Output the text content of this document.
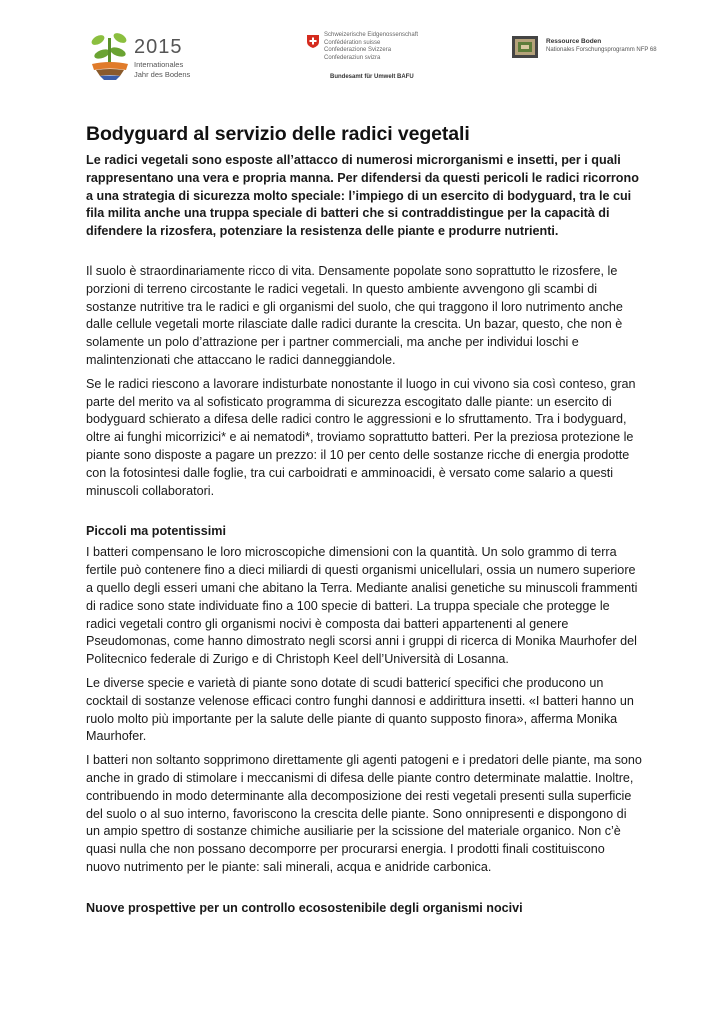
2015
Internationales
Jahr des Bodens
Schweizerische Eidgenossenschaft
Confédération suisse
Confederazione Svizzera
Confederaziun svizra
Bundesamt für Umwelt BAFU
Ressource Boden
Nationales Forschungsprogramm NFP 68
Bodyguard al servizio delle radici vegetali

Le radici vegetali sono esposte all’attacco di numerosi microrganismi e insetti, per i quali rappresentano una vera e propria manna. Per difendersi da questi pericoli le radici ricorrono a una strategia di sicurezza molto speciale: l’impiego di un esercito di bodyguard, tra le cui fila milita anche una truppa speciale di batteri che si contraddistingue per la capacità di difendere la rizosfera, potenziare la resistenza delle piante e produrre nutrienti.

Il suolo è straordinariamente ricco di vita. Densamente popolate sono soprattutto le rizosfere, le porzioni di terreno circostante le radici vegetali. In questo ambiente avvengono gli scambi di sostanze nutritive tra le radici e gli organismi del suolo, che qui traggono il loro nutrimento anche dalle cellule vegetali morte rilasciate dalle radici durante la crescita. Un bazar, questo, che non è solamente un polo d’attrazione per i partner commerciali, ma anche per individui loschi e malintenzionati che attaccano le radici danneggiandole.

Se le radici riescono a lavorare indisturbate nonostante il luogo in cui vivono sia così conteso, gran parte del merito va al sofisticato programma di sicurezza escogitato dalle piante: un esercito di bodyguard schierato a difesa delle radici contro le aggressioni e lo sfruttamento. Tra i bodyguard, oltre ai funghi micorrizici* e ai nematodi*, troviamo soprattutto batteri. Per la preziosa protezione le piante sono disposte a pagare un prezzo: il 10 per cento delle sostanze ricche di energia prodotte con la fotosintesi dalle foglie, tra cui carboidrati e amminoacidi, è versato come salario a questi minuscoli collaboratori.

Piccoli ma potentissimi

I batteri compensano le loro microscopiche dimensioni con la quantità. Un solo grammo di terra fertile può contenere fino a dieci miliardi di questi organismi unicellulari, ossia un numero superiore a quello degli esseri umani che abitano la Terra. Mediante analisi genetiche su minuscoli frammenti di radice sono state individuate fino a 100 specie di batteri. La truppa speciale che protegge le radici vegetali contro gli organismi nocivi è composta dai batteri appartenenti al genere Pseudomonas, come hanno dimostrato negli scorsi anni i gruppi di ricerca di Monika Maurhofer del Politecnico federale di Zurigo e di Christoph Keel dell’Università di Losanna.

Le diverse specie e varietà di piante sono dotate di scudi battericí specifici che producono un cocktail di sostanze velenose efficaci contro funghi dannosi e addirittura insetti. «I batteri hanno un ruolo molto più importante per la salute delle piante di quanto supposto finora», afferma Monika Maurhofer.

I batteri non soltanto sopprimono direttamente gli agenti patogeni e i predatori delle piante, ma sono anche in grado di stimolare i meccanismi di difesa delle piante contro determinate malattie. Inoltre, contribuendo in modo determinante alla decomposizione dei resti vegetali presenti sulla superficie del suolo o al suo interno, favoriscono la crescita delle piante. Sono onnipresenti e dispongono di un ampio spettro di sostanze chimiche ausiliarie per la scissione del materiale organico. Non c’è quasi nulla che non possano decomporre per procurarsi energia. I prodotti finali costituiscono nuovo nutrimento per le piante: sali minerali, acqua e anidride carbonica.

Nuove prospettive per un controllo ecosostenibile degli organismi nocivi
